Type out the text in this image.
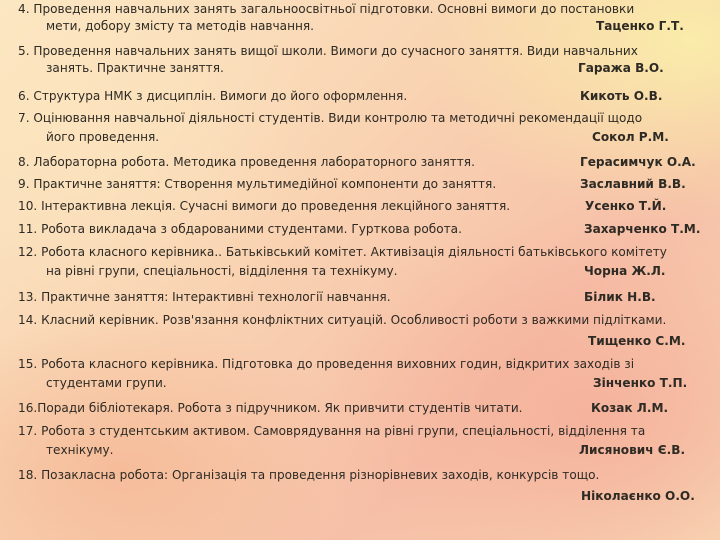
4. Проведення навчальних занять загальноосвітньої підготовки. Основні вимоги до постановки
мети, добору змісту та методів навчання.	Таценко Г.Т.
5. Проведення навчальних занять вищої школи. Вимоги до сучасного заняття. Види навчальних
занять. Практичне заняття.	Гаража В.О.
6. Структура НМК з дисциплін. Вимоги до його оформлення.	Кикоть О.В.
7. Оцінювання навчальної діяльності студентів. Види контролю та методичні рекомендації щодо
його проведення.	Сокол Р.М.
8. Лабораторна робота. Методика проведення лабораторного заняття.	Герасимчук О.А.
9. Практичне заняття: Створення мультимедійної компоненти до заняття.	Заславний В.В.
10. Інтерактивна лекція. Сучасні вимоги до проведення лекційного заняття.	Усенко Т.Й.
11. Робота викладача з обдарованими студентами. Гурткова робота.	Захарченко Т.М.
12. Робота класного керівника.. Батьківський комітет. Активізація діяльності батьківського комітету
на рівні групи, спеціальності, відділення та технікуму.	Чорна Ж.Л.
13. Практичне заняття: Інтерактивні технології навчання.	Білик Н.В.
14. Класний керівник. Розв'язання конфліктних ситуацій. Особливості роботи з важкими підлітками.
Тищенко С.М.
15. Робота класного керівника. Підготовка до проведення виховних годин, відкритих заходів зі
студентами групи.	Зінченко Т.П.
16.Поради бібліотекаря. Робота з підручником. Як привчити студентів читати.	Козак Л.М.
17. Робота з студентським активом. Самоврядування на рівні групи, спеціальності, відділення та
технікуму.	Лисянович Є.В.
18. Позакласна робота: Організація та проведення різнорівневих заходів, конкурсів тощо.
Ніколаєнко О.О.
